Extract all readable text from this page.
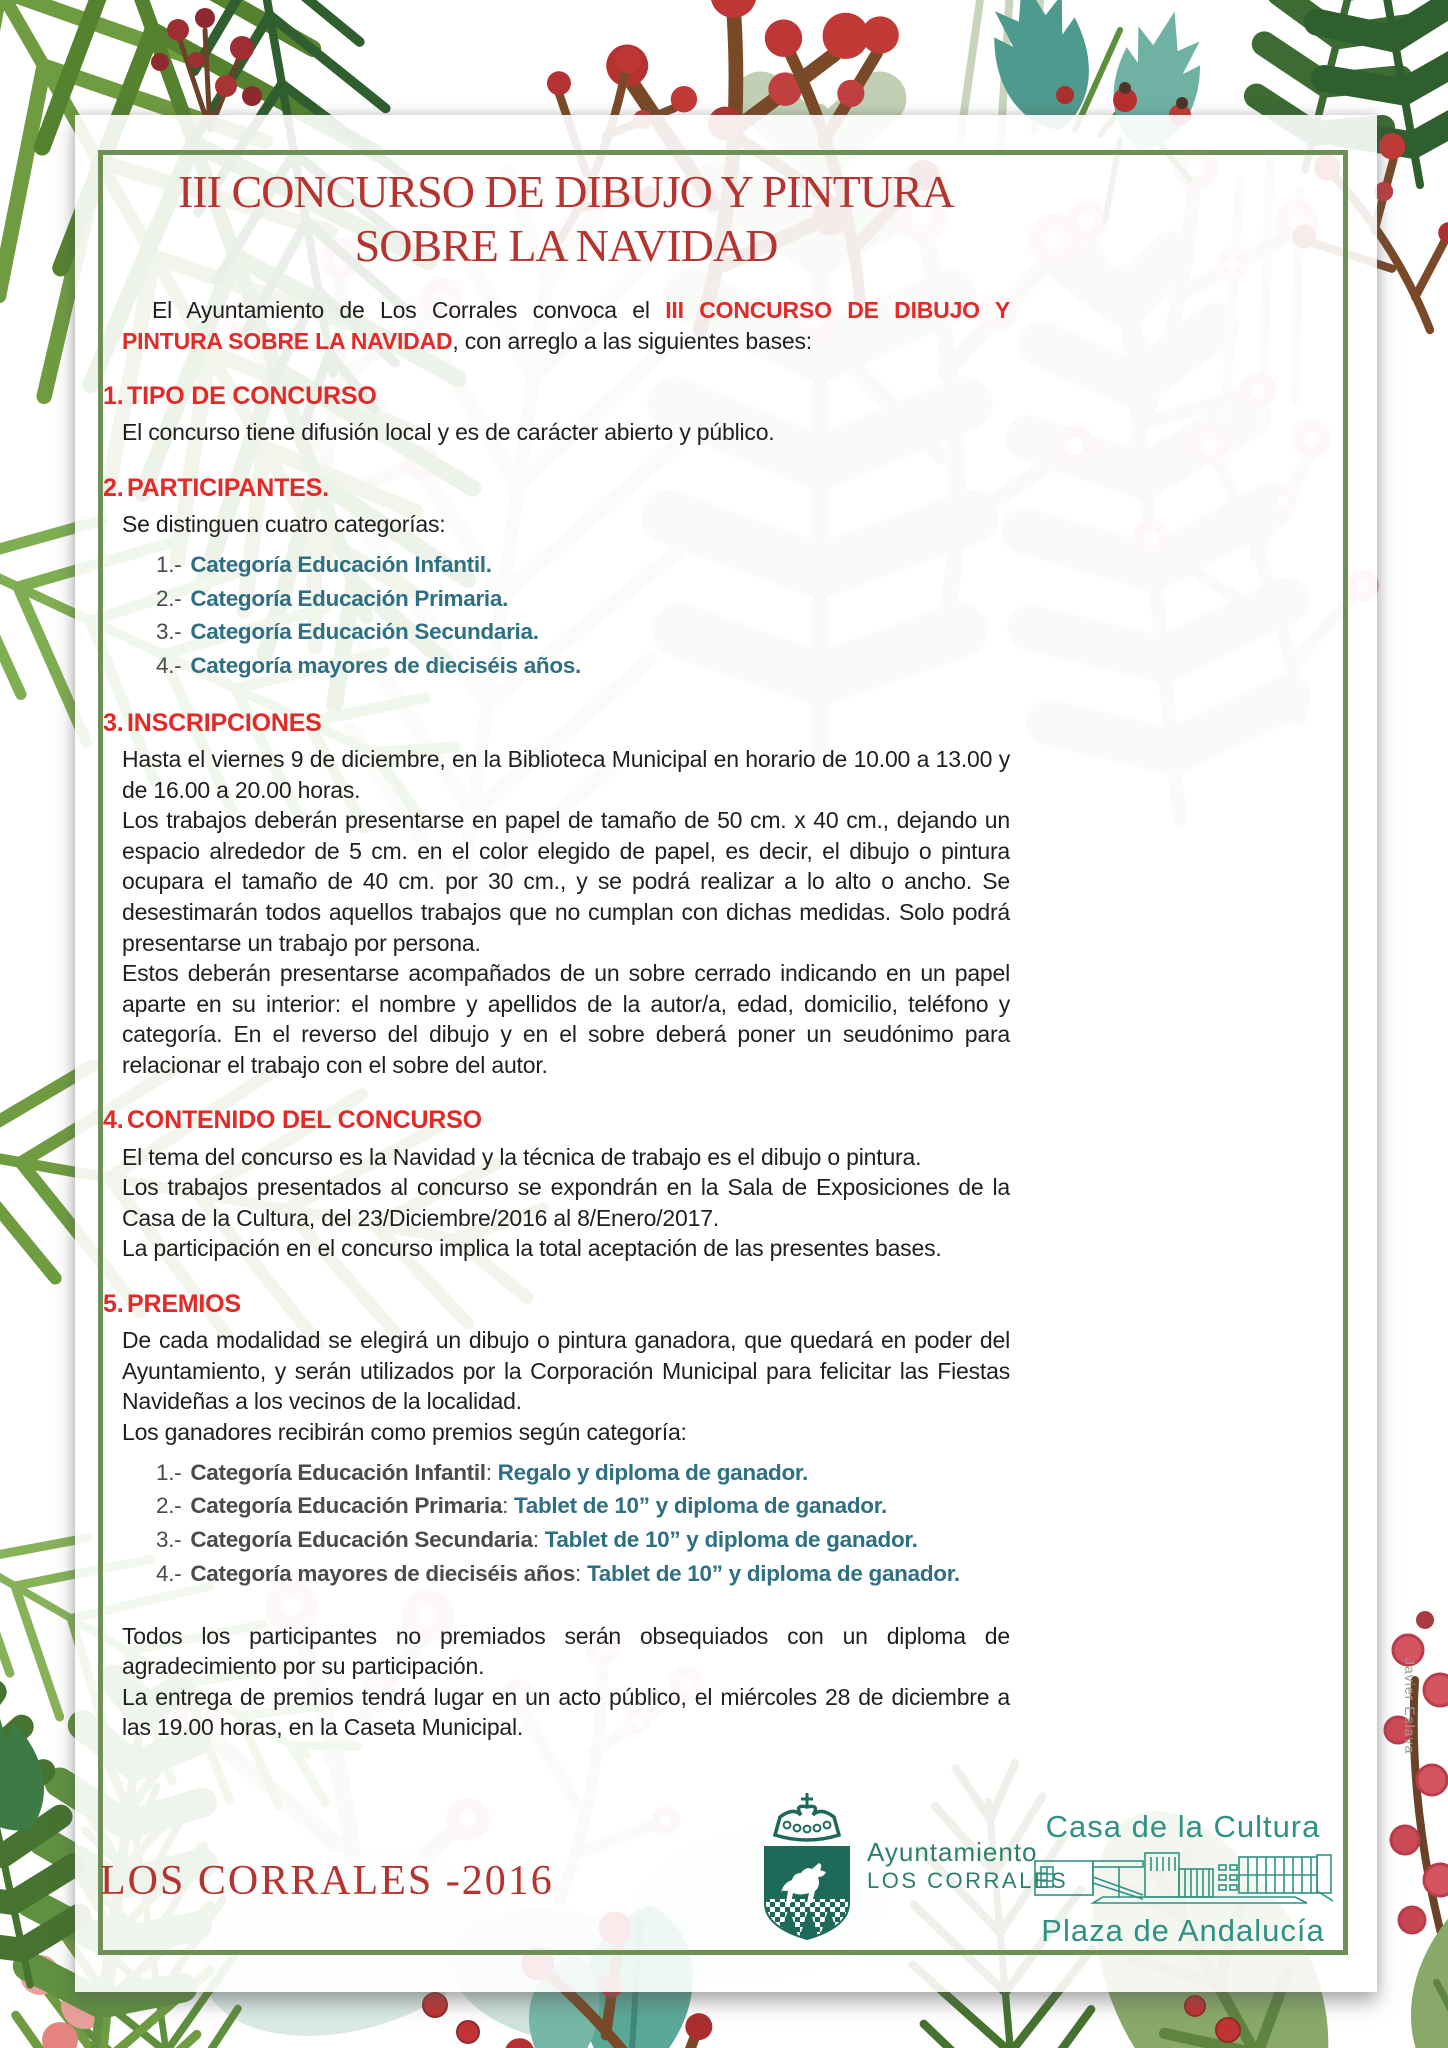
III CONCURSO DE DIBUJO Y PINTURA
SOBRE LA NAVIDAD

El Ayuntamiento de Los Corrales convoca el III CONCURSO DE DIBUJO Y PINTURA SOBRE LA NAVIDAD, con arreglo a las siguientes bases:

1. TIPO DE CONCURSO

El concurso tiene difusión local y es de carácter abierto y público.

2. PARTICIPANTES.

Se distinguen cuatro categorías:

1.- Categoría Educación Infantil.
2.- Categoría Educación Primaria.
3.- Categoría Educación Secundaria.
4.- Categoría mayores de dieciséis años.
3. INSCRIPCIONES

Hasta el viernes 9 de diciembre, en la Biblioteca Municipal en horario de 10.00 a 13.00 y de 16.00 a 20.00 horas.

Los trabajos deberán presentarse en papel de tamaño de 50 cm. x 40 cm., dejando un espacio alrededor de 5 cm. en el color elegido de papel, es decir, el dibujo o pintura ocupara el tamaño de 40 cm. por 30 cm., y se podrá realizar a lo alto o ancho. Se desestimarán todos aquellos trabajos que no cumplan con dichas medidas. Solo podrá presentarse un trabajo por persona.

Estos deberán presentarse acompañados de un sobre cerrado indicando en un papel aparte en su interior: el nombre y apellidos de la autor/a, edad, domicilio, teléfono y categoría. En el reverso del dibujo y en el sobre deberá poner un seudónimo para relacionar el trabajo con el sobre del autor.

4. CONTENIDO DEL CONCURSO

El tema del concurso es la Navidad y la técnica de trabajo es el dibujo o pintura.

Los trabajos presentados al concurso se expondrán en la Sala de Exposiciones de la Casa de la Cultura, del 23/Diciembre/2016 al 8/Enero/2017.

La participación en el concurso implica la total aceptación de las presentes bases.

5. PREMIOS

De cada modalidad se elegirá un dibujo o pintura ganadora, que quedará en poder del Ayuntamiento, y serán utilizados por la Corporación Municipal para felicitar las Fiestas Navideñas a los vecinos de la localidad.

Los ganadores recibirán como premios según categoría:

1.- Categoría Educación Infantil: Regalo y diploma de ganador.
2.- Categoría Educación Primaria: Tablet de 10” y diploma de ganador.
3.- Categoría Educación Secundaria: Tablet de 10” y diploma de ganador.
4.- Categoría mayores de dieciséis años: Tablet de 10” y diploma de ganador.

Todos los participantes no premiados serán obsequiados con un diploma de agradecimiento por su participación.

La entrega de premios tendrá lugar en un acto público, el miércoles 28 de diciembre a las 19.00 horas, en la Caseta Municipal.

LOS CORRALES -2016
Ayuntamiento
LOS CORRALES
Casa de la Cultura
Plaza de Andalucía
Javier Eslava
